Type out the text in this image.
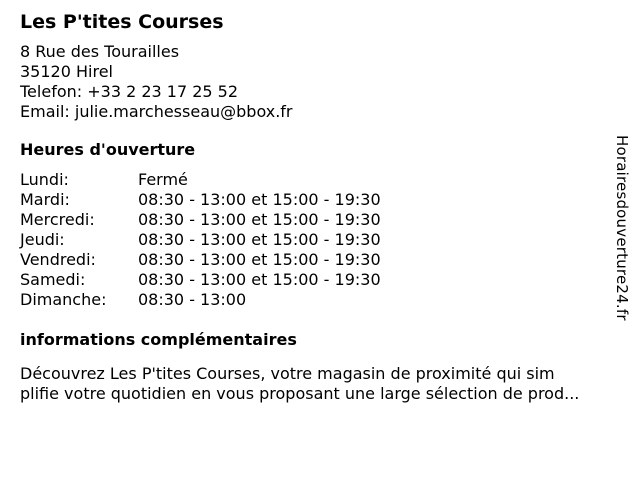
Les P'tites Courses
8 Rue des Tourailles
35120 Hirel
Telefon: +33 2 23 17 25 52
Email: julie.marchesseau@bbox.fr
Heures d'ouverture
Lundi:	Fermé
Mardi:	08:30 - 13:00 et 15:00 - 19:30
Mercredi:	08:30 - 13:00 et 15:00 - 19:30
Jeudi:	08:30 - 13:00 et 15:00 - 19:30
Vendredi:	08:30 - 13:00 et 15:00 - 19:30
Samedi:	08:30 - 13:00 et 15:00 - 19:30
Dimanche:	08:30 - 13:00
informations complémentaires
Découvrez Les P'tites Courses, votre magasin de proximité qui sim
plifie votre quotidien en vous proposant une large sélection de prod...
Horairesdouverture24.fr
